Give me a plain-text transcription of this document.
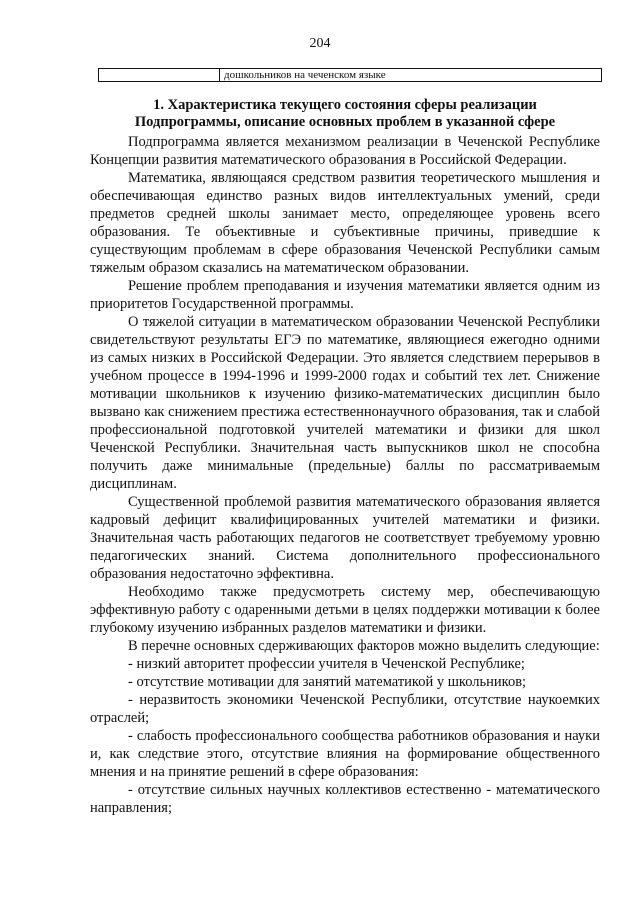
204
дошкольников на чеченском языке
1. Характеристика текущего состояния сферы реализации
Подпрограммы, описание основных проблем в указанной сфере

Подпрограмма является механизмом реализации в Чеченской Республике Концепции развития математического образования в Российской Федерации.

Математика, являющаяся средством развития теоретического мышления и обеспечивающая единство разных видов интеллектуальных умений, среди предметов средней школы занимает место, определяющее уровень всего образования. Те объективные и субъективные причины, приведшие к существующим проблемам в сфере образования Чеченской Республики самым тяжелым образом сказались на математическом образовании.

Решение проблем преподавания и изучения математики является одним из приоритетов Государственной программы.

О тяжелой ситуации в математическом образовании Чеченской Республики свидетельствуют результаты ЕГЭ по математике, являющиеся ежегодно одними из самых низких в Российской Федерации. Это является следствием перерывов в учебном процессе в 1994-1996 и 1999-2000 годах и событий тех лет. Снижение мотивации школьников к изучению физико-математических дисциплин было вызвано как снижением престижа естественнонаучного образования, так и слабой профессиональной подготовкой учителей математики и физики для школ Чеченской Республики. Значительная часть выпускников школ не способна получить даже минимальные (предельные) баллы по рассматриваемым дисциплинам.

Существенной проблемой развития математического образования является кадровый дефицит квалифицированных учителей математики и физики. Значительная часть работающих педагогов не соответствует требуемому уровню педагогических знаний. Система дополнительного профессионального образования недостаточно эффективна.

Необходимо также предусмотреть систему мер, обеспечивающую эффективную работу с одаренными детьми в целях поддержки мотивации к более глубокому изучению избранных разделов математики и физики.

В перечне основных сдерживающих факторов можно выделить следующие:

- низкий авторитет профессии учителя в Чеченской Республике;

- отсутствие мотивации для занятий математикой у школьников;

- неразвитость экономики Чеченской Республики, отсутствие наукоемких отраслей;

- слабость профессионального сообщества работников образования и науки и, как следствие этого, отсутствие влияния на формирование общественного мнения и на принятие решений в сфере образования:

- отсутствие сильных научных коллективов естественно - математического направления;
